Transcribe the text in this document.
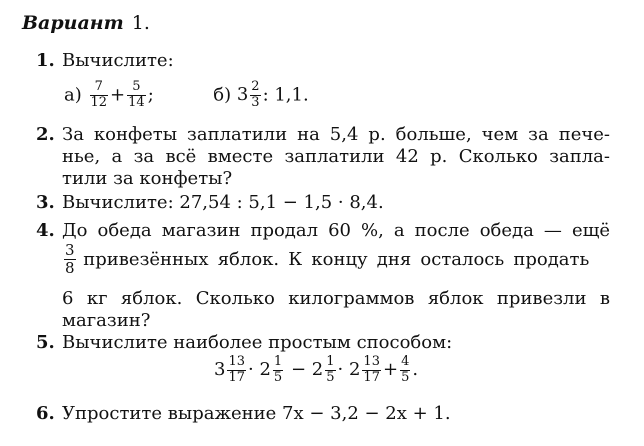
Вариант 1.
1. Вычислите:
$а) \frac{7}{12} + \frac{5}{14}$ ;	б) $3 \frac{2}{3}$ : 1,1.
2. За конфеты заплатили на 5,4 р. больше, чем за пече-
нье, а за всё вместе заплатили 42 р. Сколько запла-
тили за конфеты?
3. Вычислите: 27,54 : 5,1 − 1,5 · 8,4.
4. До обеда магазин продал 60 %, а после обеда — ещё
$\frac{3}{8}$ привезённых яблок. К концу дня осталось продать
6 кг яблок. Сколько килограммов яблок привезли в
магазин?
5. Вычислите наиболее простым способом:
$3 \frac{13}{17} \cdot 2 \frac{1}{5} - 2 \frac{1}{5} \cdot 2 \frac{13}{17} + \frac{4}{5}$ .
6. Упростите выражение 7x − 3,2 − 2x + 1.
